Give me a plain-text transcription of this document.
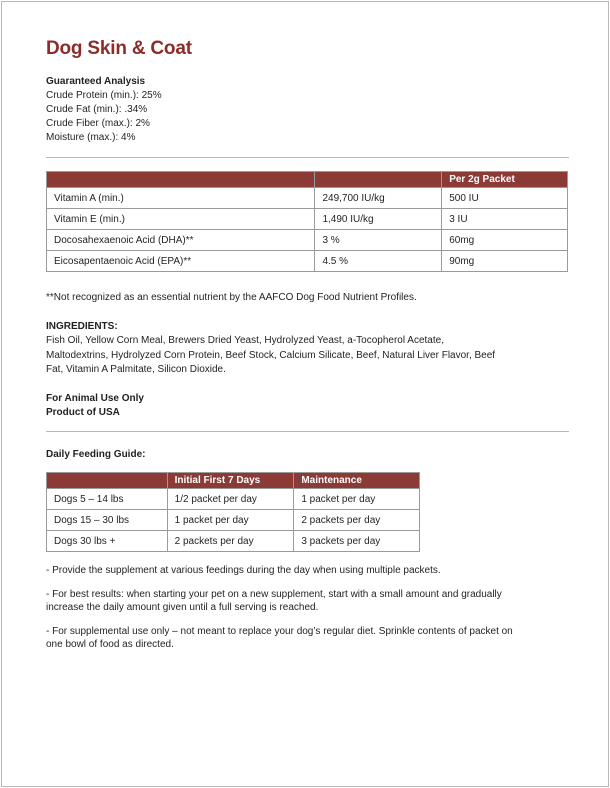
Dog Skin & Coat
Guaranteed Analysis
Crude Protein (min.): 25%
Crude Fat (min.): .34%
Crude Fiber (max.): 2%
Moisture (max.): 4%
		Per 2g Packet
Vitamin A (min.)	249,700 IU/kg	500 IU
Vitamin E (min.)	1,490 IU/kg	3 IU
Docosahexaenoic Acid (DHA)**	3 %	60mg
Eicosapentaenoic Acid (EPA)**	4.5 %	90mg
**Not recognized as an essential nutrient by the AAFCO Dog Food Nutrient Profiles.
INGREDIENTS:
Fish Oil, Yellow Corn Meal, Brewers Dried Yeast, Hydrolyzed Yeast, a-Tocopherol Acetate, Maltodextrins, Hydrolyzed Corn Protein, Beef Stock, Calcium Silicate, Beef, Natural Liver Flavor, Beef Fat, Vitamin A Palmitate, Silicon Dioxide.
For Animal Use Only
Product of USA
Daily Feeding Guide:
	Initial First 7 Days	Maintenance
Dogs 5 – 14 lbs	1/2 packet per day	1 packet per day
Dogs 15 – 30 lbs	1 packet per day	2 packets per day
Dogs 30 lbs +	2 packets per day	3 packets per day

- Provide the supplement at various feedings during the day when using multiple packets.

- For best results: when starting your pet on a new supplement, start with a small amount and gradually increase the daily amount given until a full serving is reached.

- For supplemental use only – not meant to replace your dog’s regular diet. Sprinkle contents of packet on one bowl of food as directed.
